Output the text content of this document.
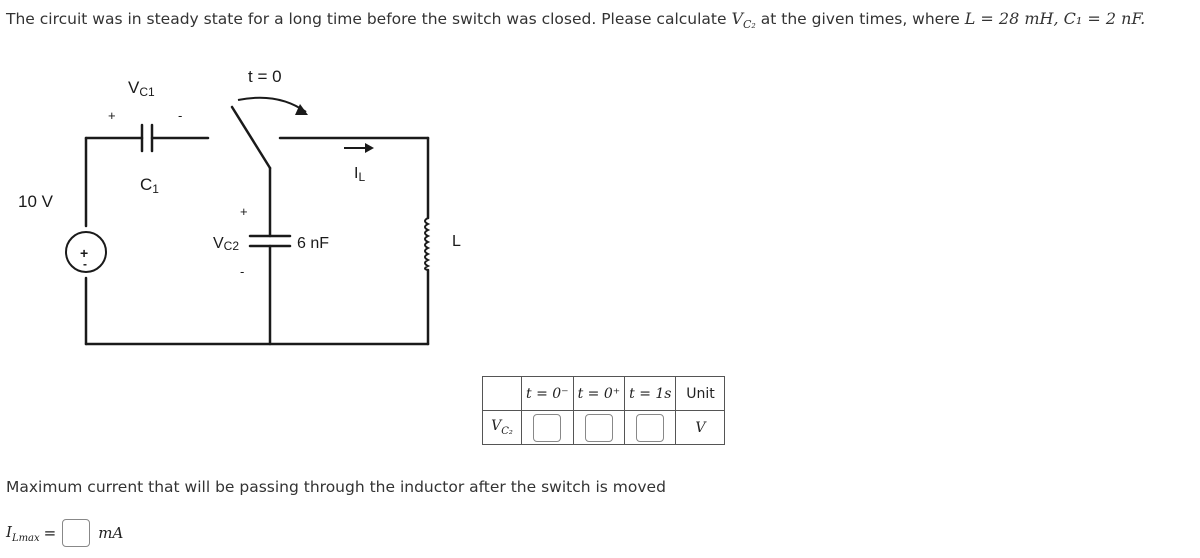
The circuit was in steady state for a long time before the switch was closed. Please calculate $V_{C_2}$ at the given times, where L = 28 mH, C₁ = 2 nF.
10 V
+
-
+	-
VC1
C1
t = 0
+
-
VC2	6 nF
IL
L
	t = 0⁻	t = 0⁺	t = 1s	Unit
$V_{C_2}$				V
Maximum current that will be passing through the inductor after the switch is moved
$I_{Lmax}$ =	mA
